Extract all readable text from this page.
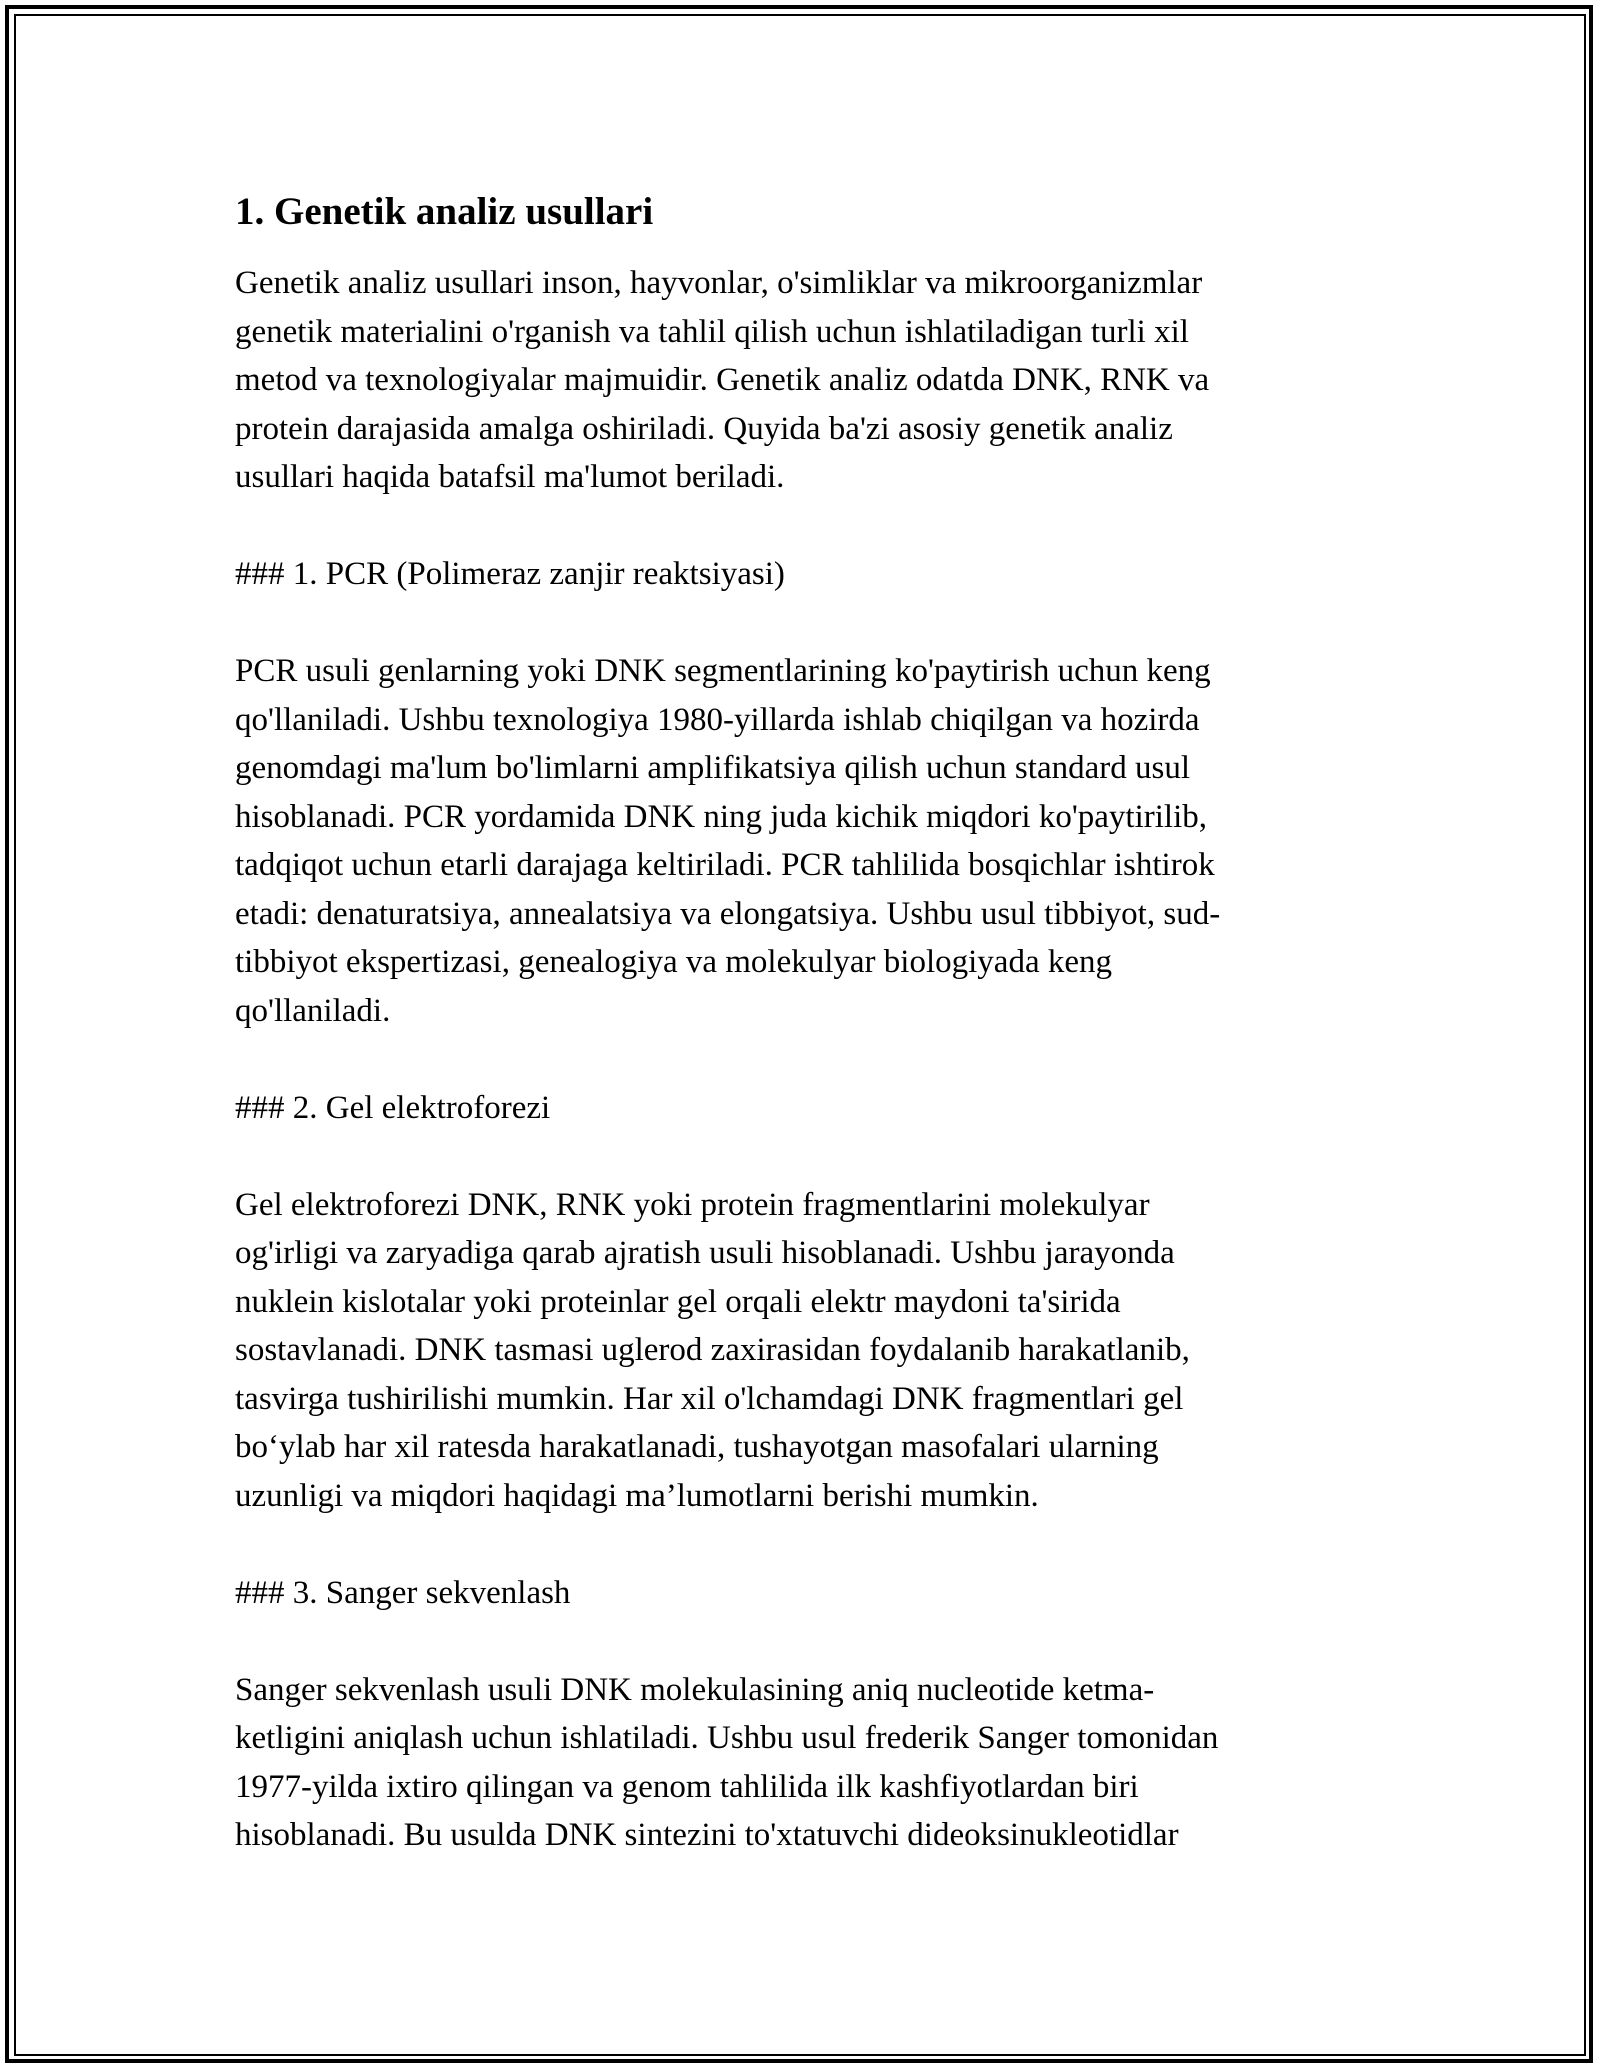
1. Genetik analiz usullari

Genetik analiz usullari inson, hayvonlar, o'simliklar va mikroorganizmlar
genetik materialini o'rganish va tahlil qilish uchun ishlatiladigan turli xil
metod va texnologiyalar majmuidir. Genetik analiz odatda DNK, RNK va
protein darajasida amalga oshiriladi. Quyida ba'zi asosiy genetik analiz
usullari haqida batafsil ma'lumot beriladi.

### 1. PCR (Polimeraz zanjir reaktsiyasi)

PCR usuli genlarning yoki DNK segmentlarining ko'paytirish uchun keng
qo'llaniladi. Ushbu texnologiya 1980-yillarda ishlab chiqilgan va hozirda
genomdagi ma'lum bo'limlarni amplifikatsiya qilish uchun standard usul
hisoblanadi. PCR yordamida DNK ning juda kichik miqdori ko'paytirilib,
tadqiqot uchun etarli darajaga keltiriladi. PCR tahlilida bosqichlar ishtirok
etadi: denaturatsiya, annealatsiya va elongatsiya. Ushbu usul tibbiyot, sud-
tibbiyot ekspertizasi, genealogiya va molekulyar biologiyada keng
qo'llaniladi.

### 2. Gel elektroforezi

Gel elektroforezi DNK, RNK yoki protein fragmentlarini molekulyar
og'irligi va zaryadiga qarab ajratish usuli hisoblanadi. Ushbu jarayonda
nuklein kislotalar yoki proteinlar gel orqali elektr maydoni ta'sirida
sostavlanadi. DNK tasmasi uglerod zaxirasidan foydalanib harakatlanib,
tasvirga tushirilishi mumkin. Har xil o'lchamdagi DNK fragmentlari gel
bo‘ylab har xil ratesda harakatlanadi, tushayotgan masofalari ularning
uzunligi va miqdori haqidagi ma’lumotlarni berishi mumkin.

### 3. Sanger sekvenlash

Sanger sekvenlash usuli DNK molekulasining aniq nucleotide ketma-
ketligini aniqlash uchun ishlatiladi. Ushbu usul frederik Sanger tomonidan
1977-yilda ixtiro qilingan va genom tahlilida ilk kashfiyotlardan biri
hisoblanadi. Bu usulda DNK sintezini to'xtatuvchi dideoksinukleotidlar
